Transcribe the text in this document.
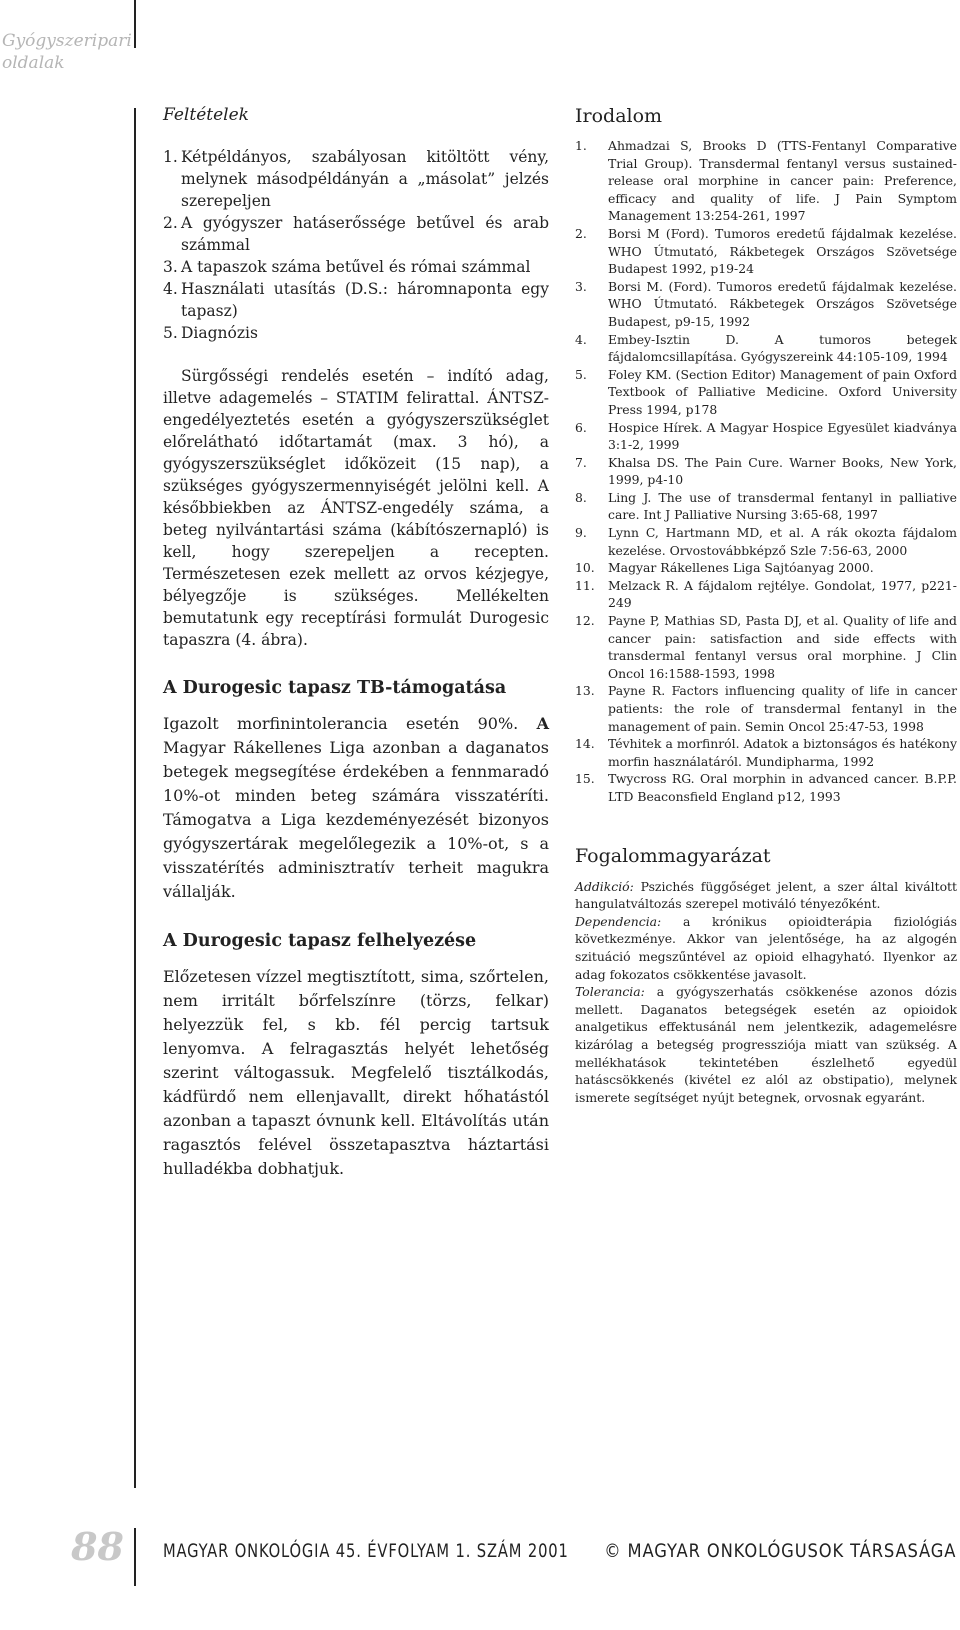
Gyógyszeripari oldalak
Feltételek
1. Kétpéldányos, szabályosan kitöltött vény, melynek másodpéldányán a „másolat” jelzés szerepeljen
2. A gyógyszer hatáserőssége betűvel és arab számmal
3. A tapaszok száma betűvel és római számmal
4. Használati utasítás (D.S.: háromnaponta egy tapasz)
5. Diagnózis

Sürgősségi rendelés esetén – indító adag, illetve adagemelés – STATIM felirattal. ÁNTSZ-engedélyeztetés esetén a gyógyszerszükséglet előrelátható időtartamát (max. 3 hó), a gyógyszerszükséglet időközeit (15 nap), a szükséges gyógyszermennyiségét jelölni kell. A későbbiekben az ÁNTSZ-engedély száma, a beteg nyilvántartási száma (kábítószernapló) is kell, hogy szerepeljen a recepten. Természetesen ezek mellett az orvos kézjegye, bélyegzője is szükséges. Mellékelten bemutatunk egy receptírási formulát Durogesic tapaszra (4. ábra).

A Durogesic tapasz TB-támogatása

Igazolt morfinintolerancia esetén 90%. A Magyar Rákellenes Liga azonban a daganatos betegek megsegítése érdekében a fennmaradó 10%-ot minden beteg számára visszatéríti. Támogatva a Liga kezdeményezését bizonyos gyógyszertárak megelőlegezik a 10%-ot, s a visszatérítés adminisztratív terheit magukra vállalják.

A Durogesic tapasz felhelyezése

Előzetesen vízzel megtisztított, sima, szőrtelen, nem irritált bőrfelszínre (törzs, felkar) helyezzük fel, s kb. fél percig tartsuk lenyomva. A felragasztás helyét lehetőség szerint váltogassuk. Megfelelő tisztálkodás, kádfürdő nem ellenjavallt, direkt hőhatástól azonban a tapaszt óvnunk kell. Eltávolítás után ragasztós felével összetapasztva háztartási hulladékba dobhatjuk.

Irodalom
1.	Ahmadzai S, Brooks D (TTS-Fentanyl Comparative Trial Group). Transdermal fentanyl versus sustained-release oral morphine in cancer pain: Preference, efficacy and quality of life. J Pain Symptom Management 13:254-261, 1997
2.	Borsi M (Ford). Tumoros eredetű fájdalmak kezelése. WHO Útmutató, Rákbetegek Országos Szövetsége Budapest 1992, p19-24
3.	Borsi M. (Ford). Tumoros eredetű fájdalmak kezelése. WHO Útmutató. Rákbetegek Országos Szövetsége Budapest, p9-15, 1992
4.	Embey-Isztin D. A tumoros betegek fájdalomcsillapítása. Gyógyszereink 44:105-109, 1994
5.	Foley KM. (Section Editor) Management of pain Oxford Textbook of Palliative Medicine. Oxford University Press 1994, p178
6.	Hospice Hírek. A Magyar Hospice Egyesület kiadványa 3:1-2, 1999
7.	Khalsa DS. The Pain Cure. Warner Books, New York, 1999, p4-10
8.	Ling J. The use of transdermal fentanyl in palliative care. Int J Palliative Nursing 3:65-68, 1997
9.	Lynn C, Hartmann MD, et al. A rák okozta fájdalom kezelése. Orvostovábbképző Szle 7:56-63, 2000
10.	Magyar Rákellenes Liga Sajtóanyag 2000.
11.	Melzack R. A fájdalom rejtélye. Gondolat, 1977, p221-249
12.	Payne P, Mathias SD, Pasta DJ, et al. Quality of life and cancer pain: satisfaction and side effects with transdermal fentanyl versus oral morphine. J Clin Oncol 16:1588-1593, 1998
13.	Payne R. Factors influencing quality of life in cancer patients: the role of transdermal fentanyl in the management of pain. Semin Oncol 25:47-53, 1998
14.	Tévhitek a morfinról. Adatok a biztonságos és hatékony morfin használatáról. Mundipharma, 1992
15.	Twycross RG. Oral morphin in advanced cancer. B.P.P. LTD Beaconsfield England p12, 1993
Fogalommagyarázat

Addikció: Pszichés függőséget jelent, a szer által kiváltott hangulatváltozás szerepel motiváló tényezőként.

Dependencia: a krónikus opioidterápia fiziológiás következménye. Akkor van jelentősége, ha az algogén szituáció megszűntével az opioid elhagyható. Ilyenkor az adag fokozatos csökkentése javasolt.

Tolerancia: a gyógyszerhatás csökkenése azonos dózis mellett. Daganatos betegségek esetén az opioidok analgetikus effektusánál nem jelentkezik, adagemelésre kizárólag a betegség progressziója miatt van szükség. A mellékhatások tekintetében észlelhető egyedül hatáscsökkenés (kivétel ez alól az obstipatio), melynek ismerete segítséget nyújt betegnek, orvosnak egyaránt.

88 MAGYAR ONKOLÓGIA 45. ÉVFOLYAM 1. SZÁM 2001 © MAGYAR ONKOLÓGUSOK TÁRSASÁGA
